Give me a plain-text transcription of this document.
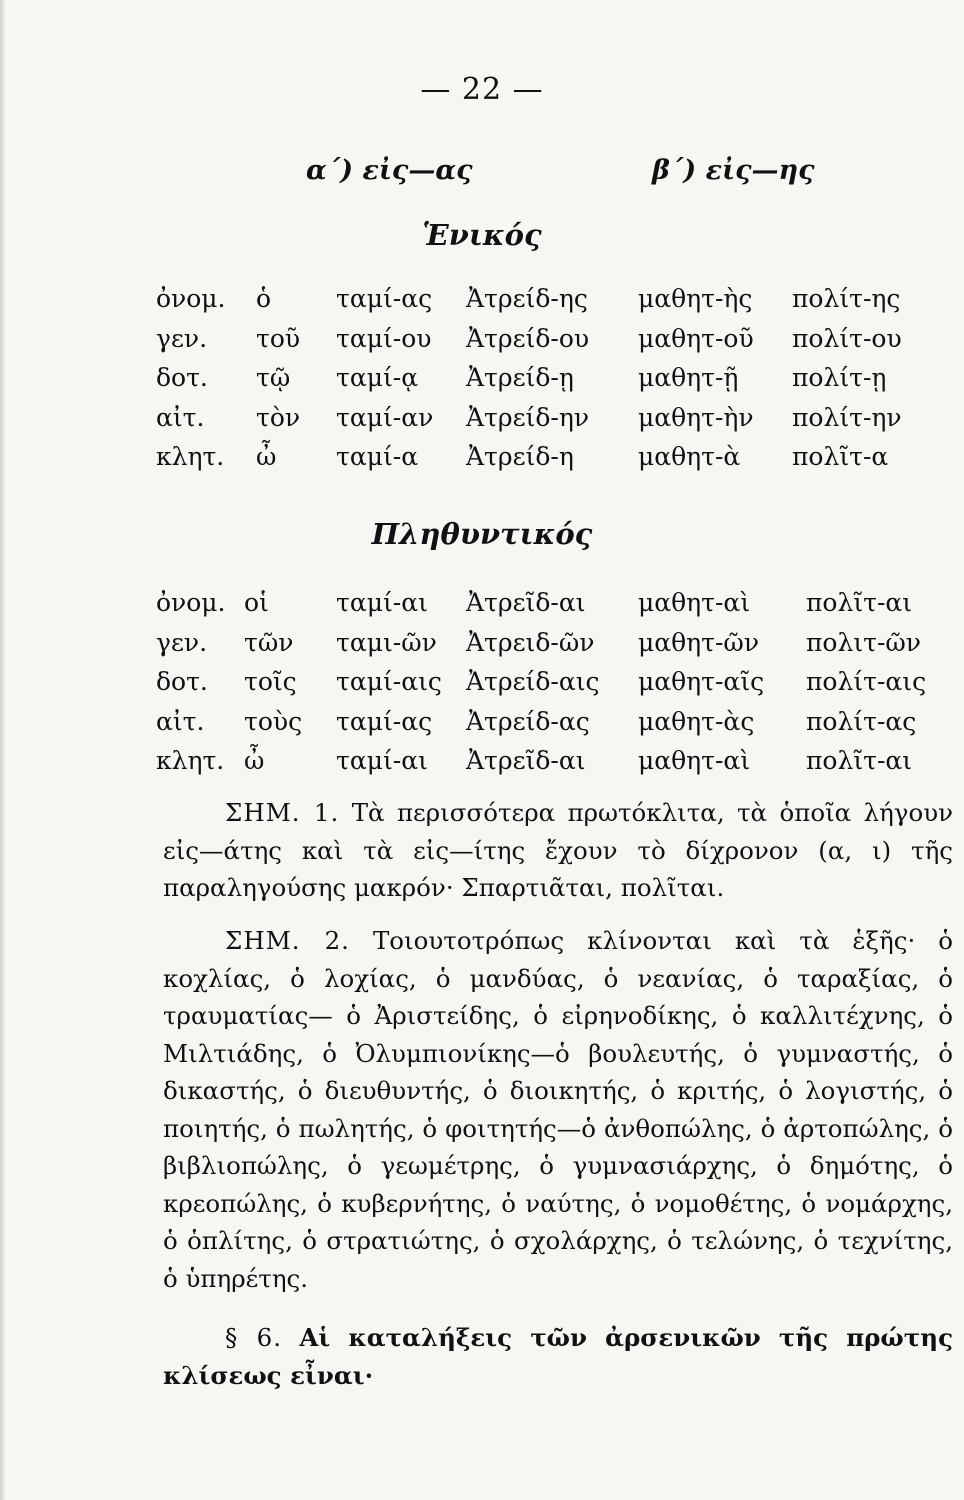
— 22 —
α΄) εἰς—ας	β΄) εἰς—ης
Ἑνικός
ὀνομ. ὁ	ταμί-ας Ἀτρείδ-ης μαθητ-ὴς πολίτ-ης
γεν. τοῦ ταμί-ου Ἀτρείδ-ου μαθητ-οῦ πολίτ-ου
δοτ. τῷ ταμί-ᾳ Ἀτρείδ-ῃ	μαθητ-ῇ πολίτ-ῃ
αἰτ. τὸν ταμί-αν Ἀτρείδ-ην μαθητ-ὴν πολίτ-ην
κλητ. ὦ ταμί-α Ἀτρείδ-η	μαθητ-ὰ πολῖτ-α
Πληθυντικός
ὀνομ. οἱ	ταμί-αι Ἀτρεῖδ-αι μαθητ-αὶ πολῖτ-αι
γεν. τῶν ταμι-ῶν Ἀτρειδ-ῶν μαθητ-ῶν πολιτ-ῶν
δοτ. τοῖς ταμί-αις Ἀτρείδ-αις μαθητ-αῖς πολίτ-αις
αἰτ. τοὺς ταμί-ας Ἀτρείδ-ας μαθητ-ὰς πολίτ-ας
κλητ. ὦ	ταμί-αι Ἀτρεῖδ-αι μαθητ-αὶ πολῖτ-αι
ΣΗΜ. 1. Τὰ περισσότερα πρωτόκλιτα, τὰ ὁποῖα λήγουν εἰς—άτης καὶ τὰ εἰς—ίτης ἔχουν τὸ δίχρονον (α, ι) τῆς παραληγούσης μακρόν· Σπαρτιᾶται, πολῖται.
ΣΗΜ. 2. Τοιουτοτρόπως κλίνονται καὶ τὰ ἑξῆς· ὁ κοχλίας, ὁ λοχίας, ὁ μανδύας, ὁ νεανίας, ὁ ταραξίας, ὁ τραυματίας— ὁ Ἀριστείδης, ὁ εἰρηνοδίκης, ὁ καλλιτέχνης, ὁ Μιλτιάδης, ὁ Ὀλυμπιονίκης—ὁ βουλευτής, ὁ γυμναστής, ὁ δικαστής, ὁ διευθυντής, ὁ διοικητής, ὁ κριτής, ὁ λογιστής, ὁ ποιητής, ὁ πωλητής, ὁ φοιτητής—ὁ ἀνθοπώλης, ὁ ἀρτοπώλης, ὁ βιβλιοπώλης, ὁ γεωμέτρης, ὁ γυμνασιάρχης, ὁ δημότης, ὁ κρεοπώλης, ὁ κυβερνήτης, ὁ ναύτης, ὁ νομοθέτης, ὁ νομάρχης, ὁ ὁπλίτης, ὁ στρατιώτης, ὁ σχολάρχης, ὁ τελώνης, ὁ τεχνίτης, ὁ ὑπηρέτης.
§ 6. Αἱ καταλήξεις τῶν ἀρσενικῶν τῆς πρώτης κλίσεως εἶναι·
